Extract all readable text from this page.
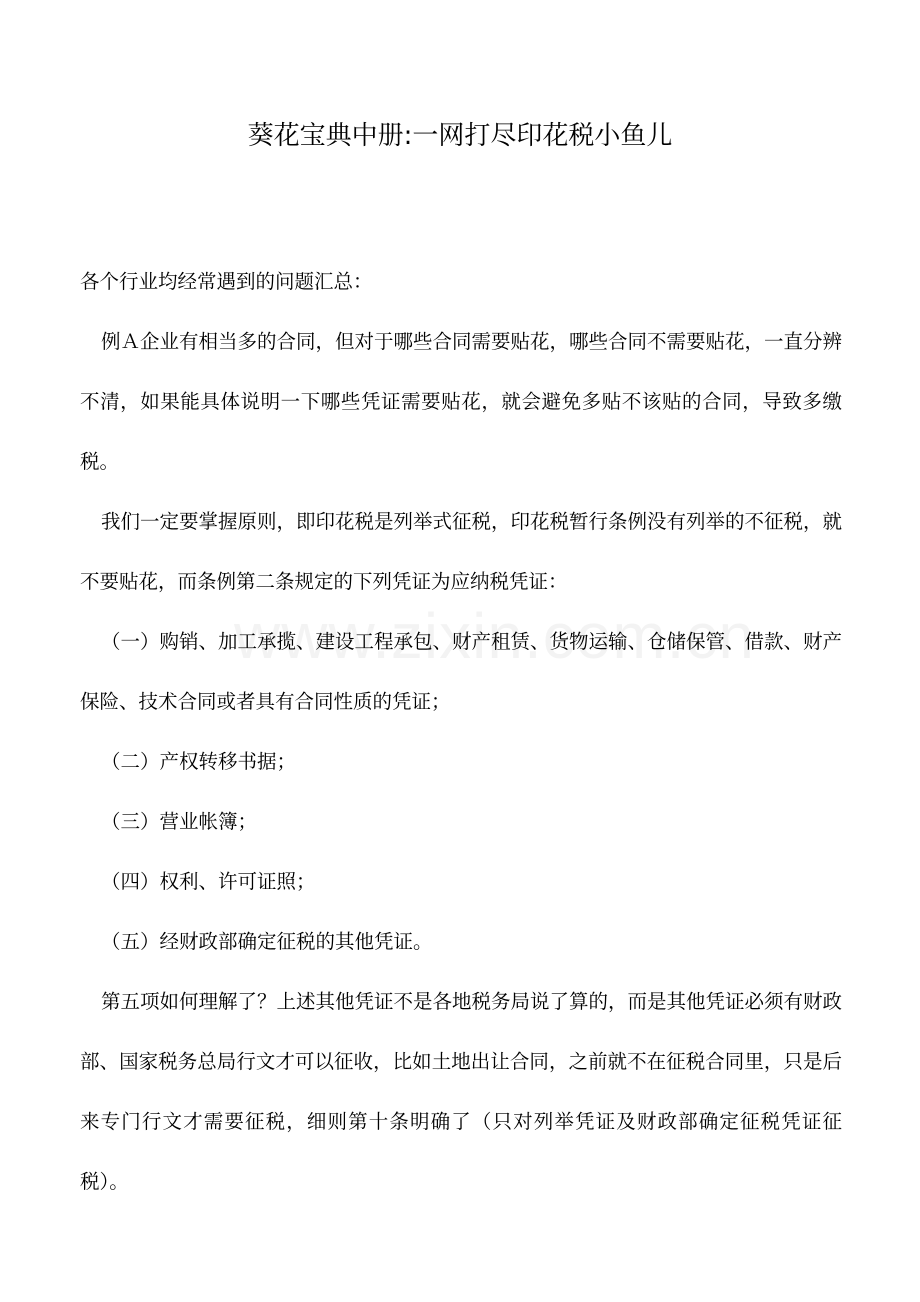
葵花宝典中册:一网打尽印花税小鱼儿

各个行业均经常遇到的问题汇总：

例Ａ企业有相当多的合同，但对于哪些合同需要贴花，哪些合同不需要贴花，一直分辨不清，如果能具体说明一下哪些凭证需要贴花，就会避免多贴不该贴的合同，导致多缴税。

我们一定要掌握原则，即印花税是列举式征税，印花税暂行条例没有列举的不征税，就不要贴花，而条例第二条规定的下列凭证为应纳税凭证：

（一）购销、加工承揽、建设工程承包、财产租赁、货物运输、仓储保管、借款、财产保险、技术合同或者具有合同性质的凭证；

（二）产权转移书据；

（三）营业帐簿；

（四）权利、许可证照；

（五）经财政部确定征税的其他凭证。

第五项如何理解了？上述其他凭证不是各地税务局说了算的，而是其他凭证必须有财政部、国家税务总局行文才可以征收，比如土地出让合同，之前就不在征税合同里，只是后来专门行文才需要征税，细则第十条明确了（只对列举凭证及财政部确定征税凭证征税）。
